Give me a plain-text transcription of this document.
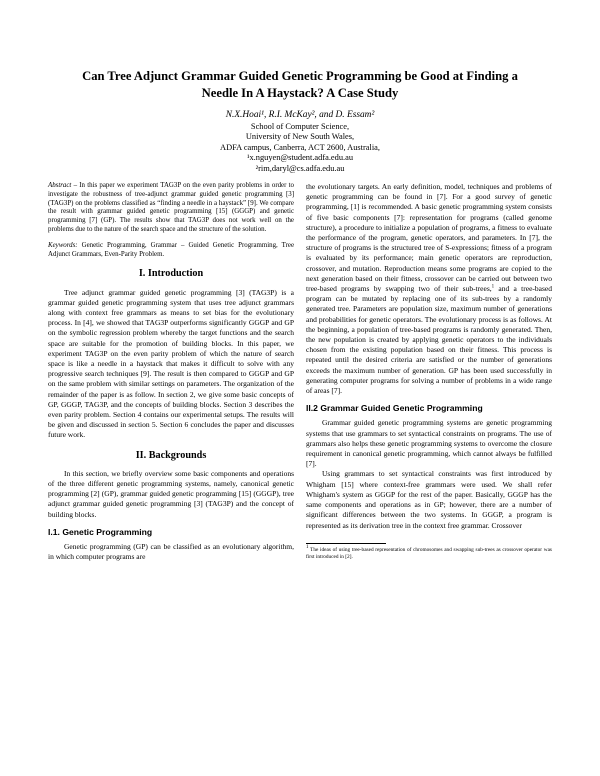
Can Tree Adjunct Grammar Guided Genetic Programming be Good at Finding a Needle In A Haystack? A Case Study
N.X.Hoai¹, R.I. McKay², and D. Essam²
School of Computer Science,
University of New South Wales,
ADFA campus, Canberra, ACT 2600, Australia,
¹x.nguyen@student.adfa.edu.au
²rim,daryl@cs.adfa.edu.au

Abstract – In this paper we experiment TAG3P on the even parity problems in order to investigate the robustness of tree-adjunct grammar guided genetic programming [3] (TAG3P) on the problems classified as “finding a needle in a haystack” [9]. We compare the result with grammar guided genetic programming [15] (GGGP) and genetic programming [7] (GP). The results show that TAG3P does not work well on the problems due to the nature of the search space and the structure of the solution.

Keywords: Genetic Programming, Grammar – Guided Genetic Programming, Tree Adjunct Grammars, Even-Parity Problem.

I. Introduction

Tree adjunct grammar guided genetic programming [3] (TAG3P) is a grammar guided genetic programming system that uses tree adjunct grammars along with context free grammars as means to set bias for the evolutionary process. In [4], we showed that TAG3P outperforms significantly GGGP and GP on the symbolic regression problem whereby the target functions and the search space are suitable for the promotion of building blocks. In this paper, we experiment TAG3P on the even parity problem of which the nature of search space is like a needle in a haystack that makes it difficult to solve with any progressive search techniques [9]. The result is then compared to GGGP and GP on the same problem with similar settings on parameters. The organization of the remainder of the paper is as follow. In section 2, we give some basic concepts of GP, GGGP, TAG3P, and the concepts of building blocks. Section 3 describes the even parity problem. Section 4 contains our experimental setups. The results will be given and discussed in section 5. Section 6 concludes the paper and discusses future work.

II. Backgrounds

In this section, we briefly overview some basic components and operations of the three different genetic programming systems, namely, canonical genetic programming [2] (GP), grammar guided genetic programming [15] (GGGP), tree adjunct grammar guided genetic programming [3] (TAG3P) and the concept of building blocks.

I.1. Genetic Programming

Genetic programming (GP) can be classified as an evolutionary algorithm, in which computer programs are

the evolutionary targets. An early definition, model, techniques and problems of genetic programming can be found in [7]. For a good survey of genetic programming, [1] is recommended. A basic genetic programming system consists of five basic components [7]: representation for programs (called genome structure), a procedure to initialize a population of programs, a fitness to evaluate the performance of the program, genetic operators, and parameters. In [7], the structure of programs is the structured tree of S-expressions; fitness of a program is evaluated by its performance; main genetic operators are reproduction, crossover, and mutation. Reproduction means some programs are copied to the next generation based on their fitness, crossover can be carried out between two tree-based programs by swapping two of their sub-trees,$^1$ and a tree-based program can be mutated by replacing one of its sub-trees by a randomly generated tree. Parameters are population size, maximum number of generations and probabilities for genetic operators. The evolutionary process is as follows. At the beginning, a population of tree-based programs is randomly generated. Then, the new population is created by applying genetic operators to the individuals chosen from the existing population based on their fitness. This process is repeated until the desired criteria are satisfied or the number of generations exceeds the maximum number of generation. GP has been used successfully in generating computer programs for solving a number of problems in a wide range of areas [7].

II.2 Grammar Guided Genetic Programming

Grammar guided genetic programming systems are genetic programming systems that use grammars to set syntactical constraints on programs. The use of grammars also helps these genetic programming systems to overcome the closure requirement in canonical genetic programming, which cannot always be fulfilled [7].

Using grammars to set syntactical constraints was first introduced by Whigham [15] where context-free grammars were used. We shall refer Whigham's system as GGGP for the rest of the paper. Basically, GGGP has the same components and operations as in GP; however, there are a number of significant differences between the two systems. In GGGP, a program is represented as its derivation tree in the context free grammar. Crossover

$^1$ The ideas of using tree-based representation of chromosomes and swapping sub-trees as crossover operator was first introduced in [2].
